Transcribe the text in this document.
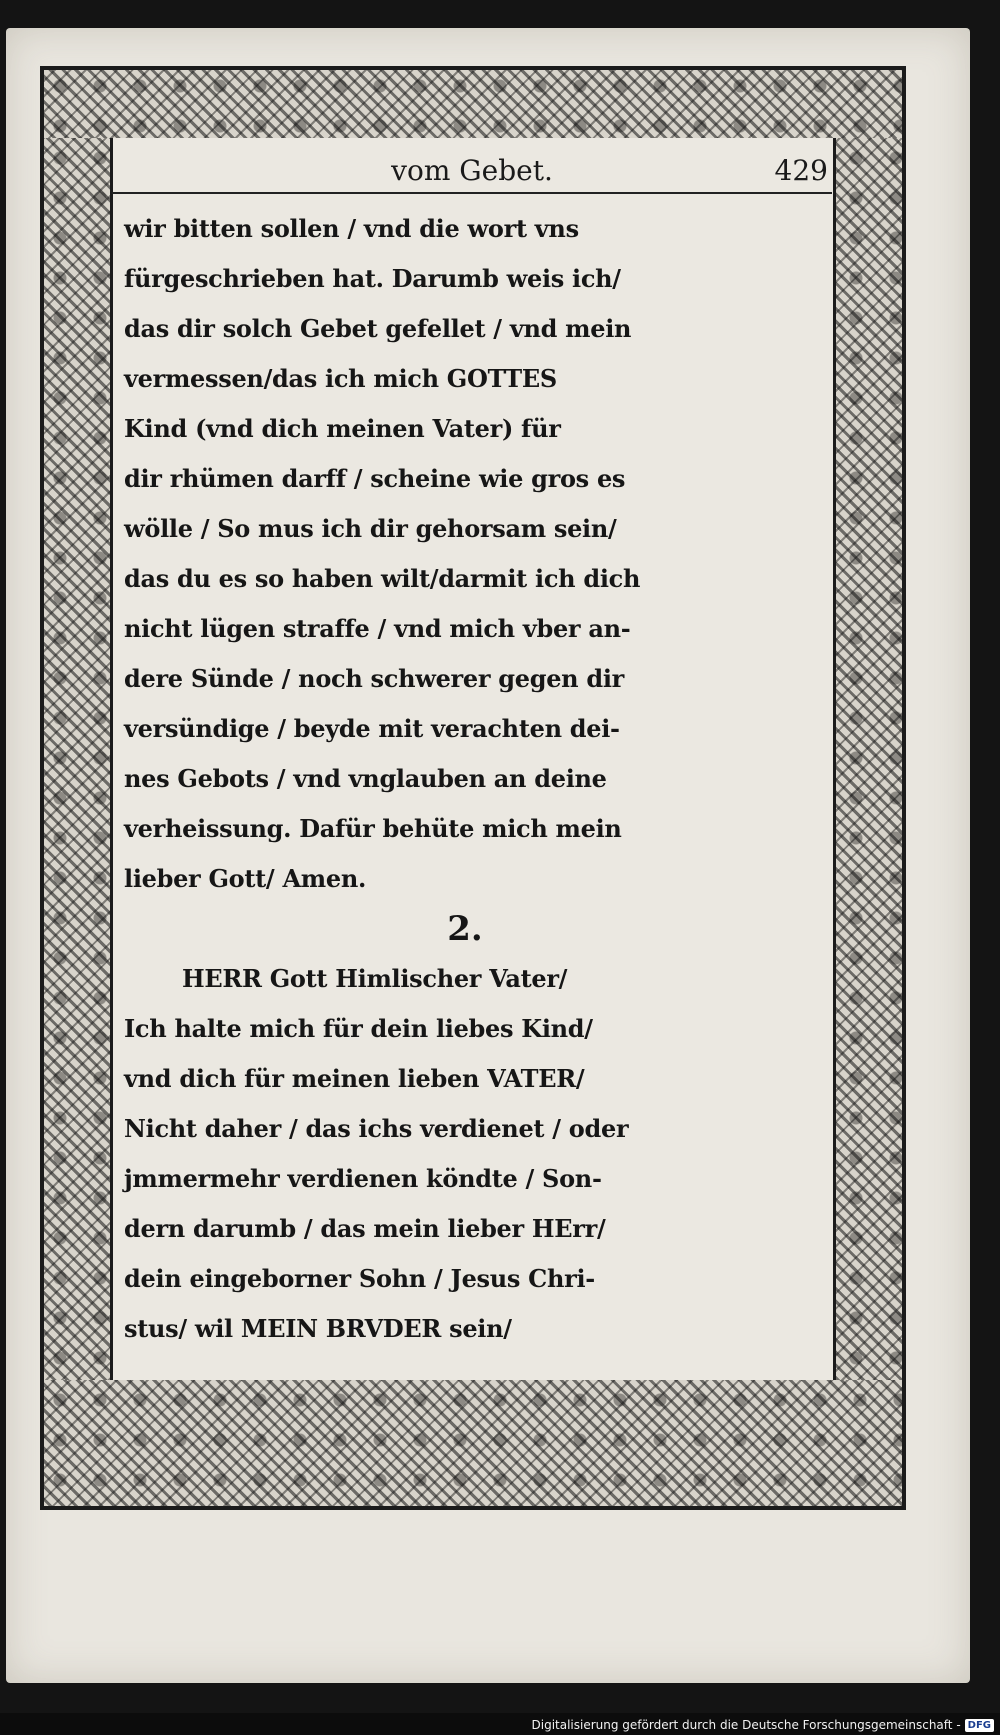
vom Gebet.	429
wir bitten sollen / vnd die wort vns
fürgeschrieben hat. Darumb weis ich/
das dir solch Gebet gefellet / vnd mein
vermessen/das ich mich GOTTES
Kind (vnd dich meinen Vater) für
dir rhümen darff / scheine wie gros es
wölle / So mus ich dir gehorsam sein/
das du es so haben wilt/darmit ich dich
nicht lügen straffe / vnd mich vber an-
dere Sünde / noch schwerer gegen dir
versündige / beyde mit verachten dei-
nes Gebots / vnd vnglauben an deine
verheissung. Dafür behüte mich mein
lieber Gott/ Amen.
2.
HERR Gott Himlischer Vater/
Ich halte mich für dein liebes Kind/
vnd dich für meinen lieben VATER/
Nicht daher / das ichs verdienet / oder
jmmermehr verdienen köndte / Son-
dern darumb / das mein lieber HErr/
dein eingeborner Sohn / Jesus Chri-
stus/ wil MEIN BRVDER sein/
Digitalisierung gefördert durch die Deutsche Forschungsgemeinschaft - DFG
